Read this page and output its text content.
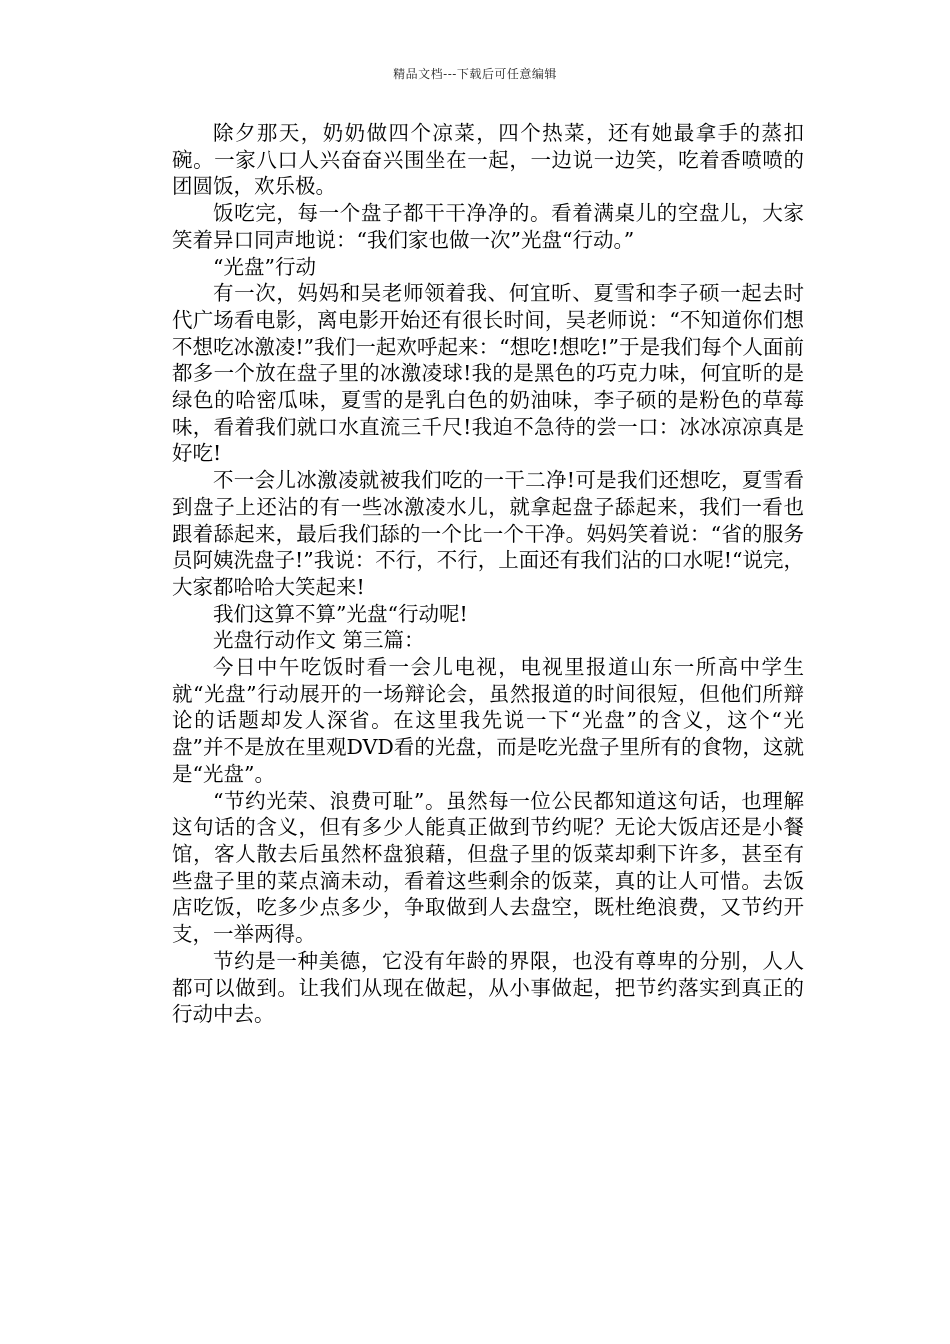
精品文档---下载后可任意编辑

除夕那天，奶奶做四个凉菜，四个热菜，还有她最拿手的蒸扣碗。一家八口人兴奋奋兴围坐在一起，一边说一边笑，吃着香喷喷的团圆饭，欢乐极。

饭吃完，每一个盘子都干干净净的。看着满桌儿的空盘儿，大家笑着异口同声地说：“我们家也做一次”光盘“行动。”

“光盘”行动

有一次，妈妈和吴老师领着我、何宜昕、夏雪和李子硕一起去时代广场看电影，离电影开始还有很长时间，吴老师说：“不知道你们想不想吃冰激凌!”我们一起欢呼起来：“想吃!想吃!”于是我们每个人面前都多一个放在盘子里的冰激凌球!我的是黑色的巧克力味，何宜昕的是绿色的哈密瓜味，夏雪的是乳白色的奶油味，李子硕的是粉色的草莓味，看着我们就口水直流三千尺!我迫不急待的尝一口：冰冰凉凉真是好吃!

不一会儿冰激凌就被我们吃的一干二净!可是我们还想吃，夏雪看到盘子上还沾的有一些冰激凌水儿，就拿起盘子舔起来，我们一看也跟着舔起来，最后我们舔的一个比一个干净。妈妈笑着说：“省的服务员阿姨洗盘子!”我说：不行，不行，上面还有我们沾的口水呢!“说完，大家都哈哈大笑起来!

我们这算不算”光盘“行动呢!

光盘行动作文 第三篇：

今日中午吃饭时看一会儿电视，电视里报道山东一所高中学生就“光盘”行动展开的一场辩论会，虽然报道的时间很短，但他们所辩论的话题却发人深省。在这里我先说一下“光盘”的含义，这个“光盘”并不是放在里观DVD看的光盘，而是吃光盘子里所有的食物，这就是“光盘”。

“节约光荣、浪费可耻”。虽然每一位公民都知道这句话，也理解这句话的含义，但有多少人能真正做到节约呢？无论大饭店还是小餐馆，客人散去后虽然杯盘狼藉，但盘子里的饭菜却剩下许多，甚至有些盘子里的菜点滴未动，看着这些剩余的饭菜，真的让人可惜。去饭店吃饭，吃多少点多少，争取做到人去盘空，既杜绝浪费，又节约开支，一举两得。

节约是一种美德，它没有年龄的界限，也没有尊卑的分别，人人都可以做到。让我们从现在做起，从小事做起，把节约落实到真正的行动中去。
